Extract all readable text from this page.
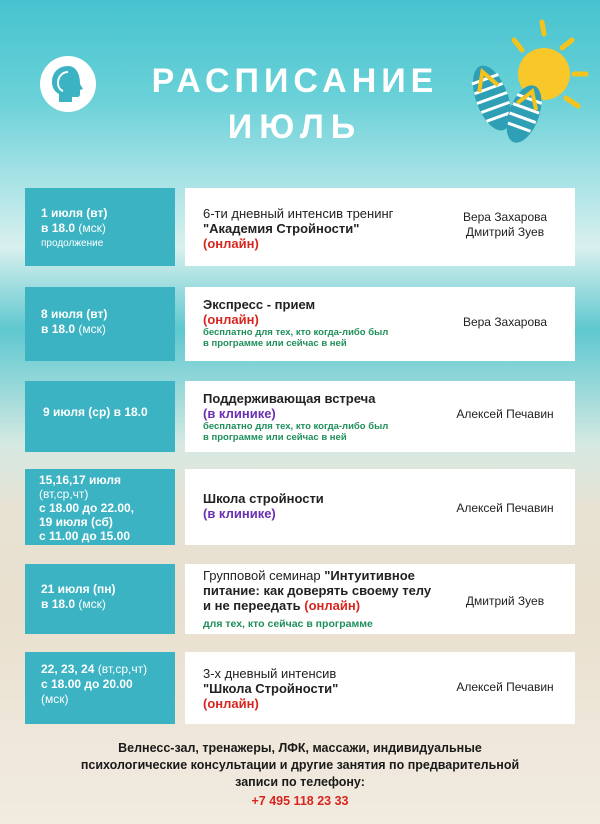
РАСПИСАНИЕ
ИЮЛЬ
1 июля (вт)
в 18.0 (мск)
продолжение
6-ти дневный интенсив тренинг
"Академия Стройности"
(онлайн)
Вера Захарова
Дмитрий Зуев
8 июля (вт)
в 18.0 (мск)
Экспресс - прием
(онлайн)
бесплатно для тех, кто когда-либо был
в программе или сейчас в ней
Вера Захарова
9 июля (ср) в 18.0
Поддерживающая встреча
(в клинике)
бесплатно для тех, кто когда-либо был
в программе или сейчас в ней
Алексей Печавин
15,16,17 июля
(вт,ср,чт)
с 18.00 до 22.00,
19 июля (сб)
с 11.00 до 15.00
Школа стройности
(в клинике)	Алексей Печавин
21 июля (пн)
в 18.0 (мск)
Групповой семинар "Интуитивное
питание: как доверять своему телу
и не переедать (онлайн)
для тех, кто сейчас в программе
Дмитрий Зуев
22, 23, 24 (вт,ср,чт)
с 18.00 до 20.00
(мск)
3-х дневный интенсив
"Школа Стройности"
(онлайн)
Алексей Печавин
Велнесс-зал, тренажеры, ЛФК, массажи, индивидуальные
психологические консультации и другие занятия по предварительной
записи по телефону:
+7 495 118 23 33
